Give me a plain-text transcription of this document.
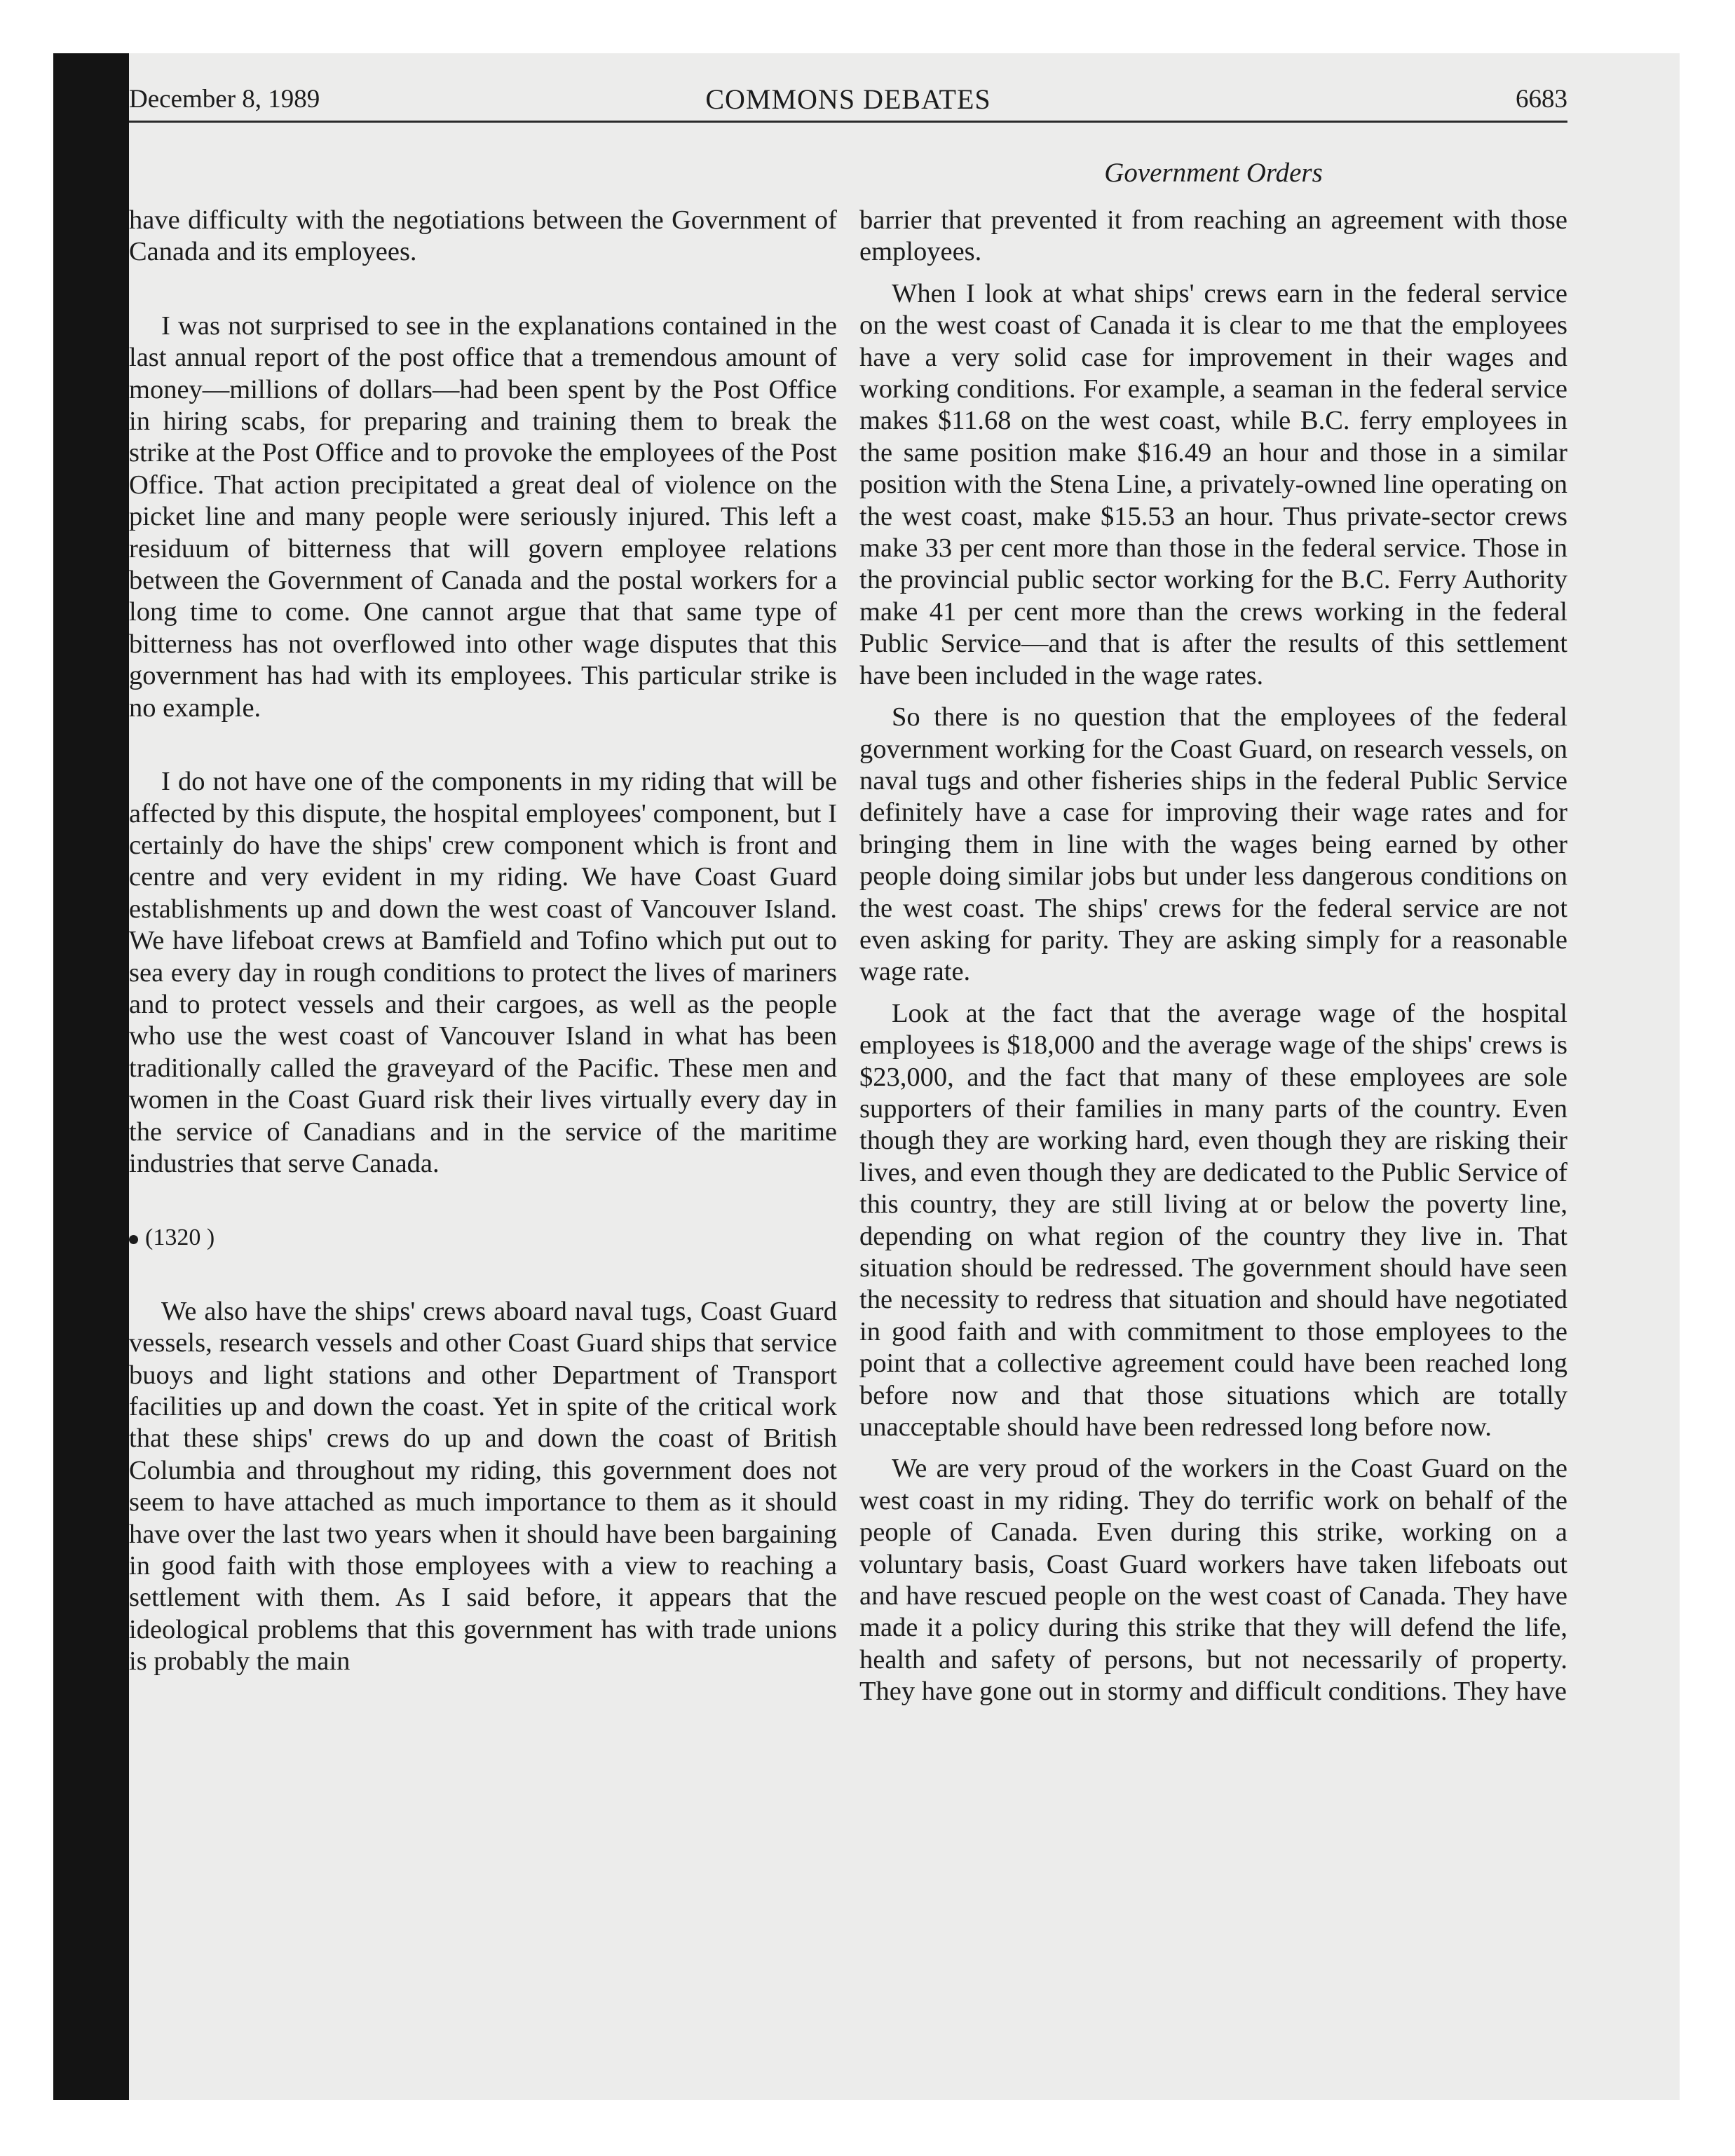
December 8, 1989	COMMONS DEBATES	6683
Government Orders

have difficulty with the negotiations between the Government of Canada and its employees.

I was not surprised to see in the explanations contained in the last annual report of the post office that a tremendous amount of money—millions of dollars—had been spent by the Post Office in hiring scabs, for preparing and training them to break the strike at the Post Office and to provoke the employees of the Post Office. That action precipitated a great deal of violence on the picket line and many people were seriously injured. This left a residuum of bitterness that will govern employee relations between the Government of Canada and the postal workers for a long time to come. One cannot argue that that same type of bitterness has not overflowed into other wage disputes that this government has had with its employees. This particular strike is no example.

I do not have one of the components in my riding that will be affected by this dispute, the hospital employees' component, but I certainly do have the ships' crew component which is front and centre and very evident in my riding. We have Coast Guard establishments up and down the west coast of Vancouver Island. We have lifeboat crews at Bamfield and Tofino which put out to sea every day in rough conditions to protect the lives of mariners and to protect vessels and their cargoes, as well as the people who use the west coast of Vancouver Island in what has been traditionally called the graveyard of the Pacific. These men and women in the Coast Guard risk their lives virtually every day in the service of Canadians and in the service of the maritime industries that serve Canada.

(1320 )

We also have the ships' crews aboard naval tugs, Coast Guard vessels, research vessels and other Coast Guard ships that service buoys and light stations and other Department of Transport facilities up and down the coast. Yet in spite of the critical work that these ships' crews do up and down the coast of British Columbia and throughout my riding, this government does not seem to have attached as much importance to them as it should have over the last two years when it should have been bargaining in good faith with those employees with a view to reaching a settlement with them. As I said before, it appears that the ideological problems that this government has with trade unions is probably the main

barrier that prevented it from reaching an agreement with those employees.

When I look at what ships' crews earn in the federal service on the west coast of Canada it is clear to me that the employees have a very solid case for improvement in their wages and working conditions. For example, a seaman in the federal service makes $11.68 on the west coast, while B.C. ferry employees in the same position make $16.49 an hour and those in a similar position with the Stena Line, a privately-owned line operating on the west coast, make $15.53 an hour. Thus private-sector crews make 33 per cent more than those in the federal service. Those in the provincial public sector working for the B.C. Ferry Authority make 41 per cent more than the crews working in the federal Public Service—and that is after the results of this settlement have been included in the wage rates.

So there is no question that the employees of the federal government working for the Coast Guard, on research vessels, on naval tugs and other fisheries ships in the federal Public Service definitely have a case for improving their wage rates and for bringing them in line with the wages being earned by other people doing similar jobs but under less dangerous conditions on the west coast. The ships' crews for the federal service are not even asking for parity. They are asking simply for a reasonable wage rate.

Look at the fact that the average wage of the hospital employees is $18,000 and the average wage of the ships' crews is $23,000, and the fact that many of these employees are sole supporters of their families in many parts of the country. Even though they are working hard, even though they are risking their lives, and even though they are dedicated to the Public Service of this country, they are still living at or below the poverty line, depending on what region of the country they live in. That situation should be redressed. The government should have seen the necessity to redress that situation and should have negotiated in good faith and with commitment to those employees to the point that a collective agreement could have been reached long before now and that those situations which are totally unacceptable should have been redressed long before now.

We are very proud of the workers in the Coast Guard on the west coast in my riding. They do terrific work on behalf of the people of Canada. Even during this strike, working on a voluntary basis, Coast Guard workers have taken lifeboats out and have rescued people on the west coast of Canada. They have made it a policy during this strike that they will defend the life, health and safety of persons, but not necessarily of property. They have gone out in stormy and difficult conditions. They have
